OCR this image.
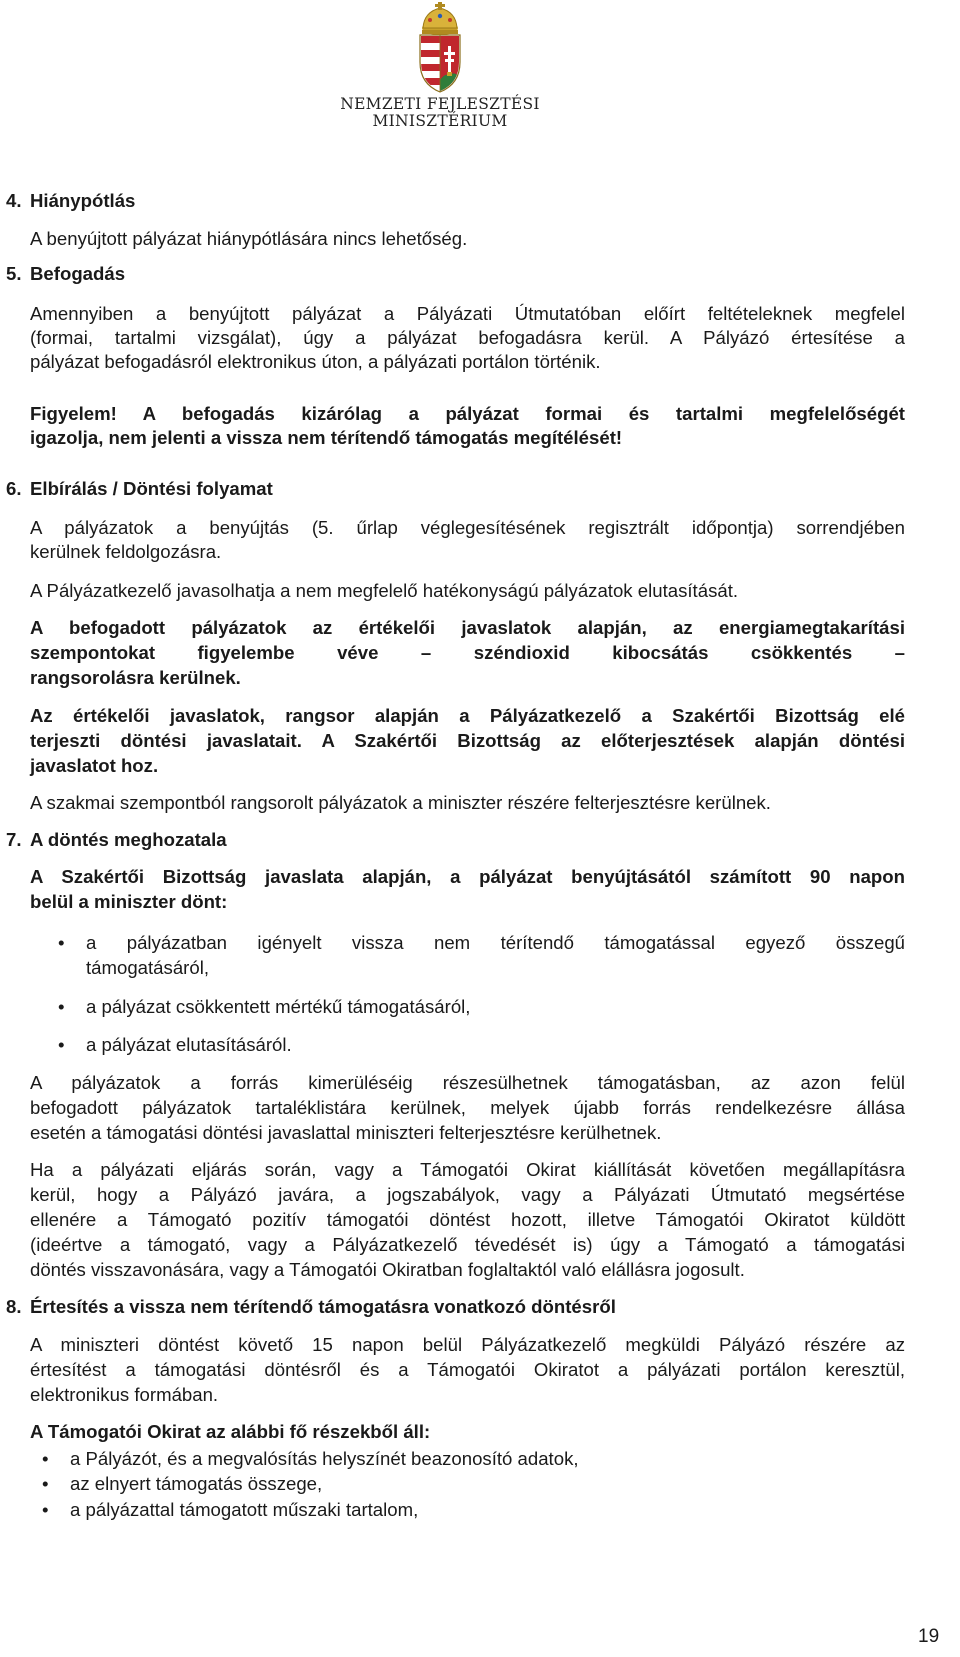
NEMZETI FEJLESZTÉSI
MINISZTÉRIUM
4. Hiánypótlás
A benyújtott pályázat hiánypótlására nincs lehetőség.
5. Befogadás
Amennyiben a benyújtott pályázat a Pályázati Útmutatóban előírt feltételeknek megfelel
(formai, tartalmi vizsgálat), úgy a pályázat befogadásra kerül. A Pályázó értesítése a
pályázat befogadásról elektronikus úton, a pályázati portálon történik.
Figyelem! A befogadás kizárólag a pályázat formai és tartalmi megfelelőségét
igazolja, nem jelenti a vissza nem térítendő támogatás megítélését!
6. Elbírálás / Döntési folyamat
A pályázatok a benyújtás (5. űrlap véglegesítésének regisztrált időpontja) sorrendjében
kerülnek feldolgozásra.
A Pályázatkezelő javasolhatja a nem megfelelő hatékonyságú pályázatok elutasítását.
A befogadott pályázatok az értékelői javaslatok alapján, az energiamegtakarítási
szempontokat figyelembe véve – széndioxid kibocsátás csökkentés –
rangsorolásra kerülnek.
Az értékelői javaslatok, rangsor alapján a Pályázatkezelő a Szakértői Bizottság elé
terjeszti döntési javaslatait. A Szakértői Bizottság az előterjesztések alapján döntési
javaslatot hoz.
A szakmai szempontból rangsorolt pályázatok a miniszter részére felterjesztésre kerülnek.
7. A döntés meghozatala
A Szakértői Bizottság javaslata alapján, a pályázat benyújtásától számított 90 napon
belül a miniszter dönt:
• a pályázatban igényelt vissza nem térítendő támogatással egyező összegű
támogatásáról,
• a pályázat csökkentett mértékű támogatásáról,
• a pályázat elutasításáról.
A pályázatok a forrás kimerüléséig részesülhetnek támogatásban, az azon felül
befogadott pályázatok tartaléklistára kerülnek, melyek újabb forrás rendelkezésre állása
esetén a támogatási döntési javaslattal miniszteri felterjesztésre kerülhetnek.
Ha a pályázati eljárás során, vagy a Támogatói Okirat kiállítását követően megállapításra
kerül, hogy a Pályázó javára, a jogszabályok, vagy a Pályázati Útmutató megsértése
ellenére a Támogató pozitív támogatói döntést hozott, illetve Támogatói Okiratot küldött
(ideértve a támogató, vagy a Pályázatkezelő tévedését is) úgy a Támogató a támogatási
döntés visszavonására, vagy a Támogatói Okiratban foglaltaktól való elállásra jogosult.
8. Értesítés a vissza nem térítendő támogatásra vonatkozó döntésről
A miniszteri döntést követő 15 napon belül Pályázatkezelő megküldi Pályázó részére az
értesítést a támogatási döntésről és a Támogatói Okiratot a pályázati portálon keresztül,
elektronikus formában.
A Támogatói Okirat az alábbi fő részekből áll:
• a Pályázót, és a megvalósítás helyszínét beazonosító adatok,
• az elnyert támogatás összege,
• a pályázattal támogatott műszaki tartalom,
19
